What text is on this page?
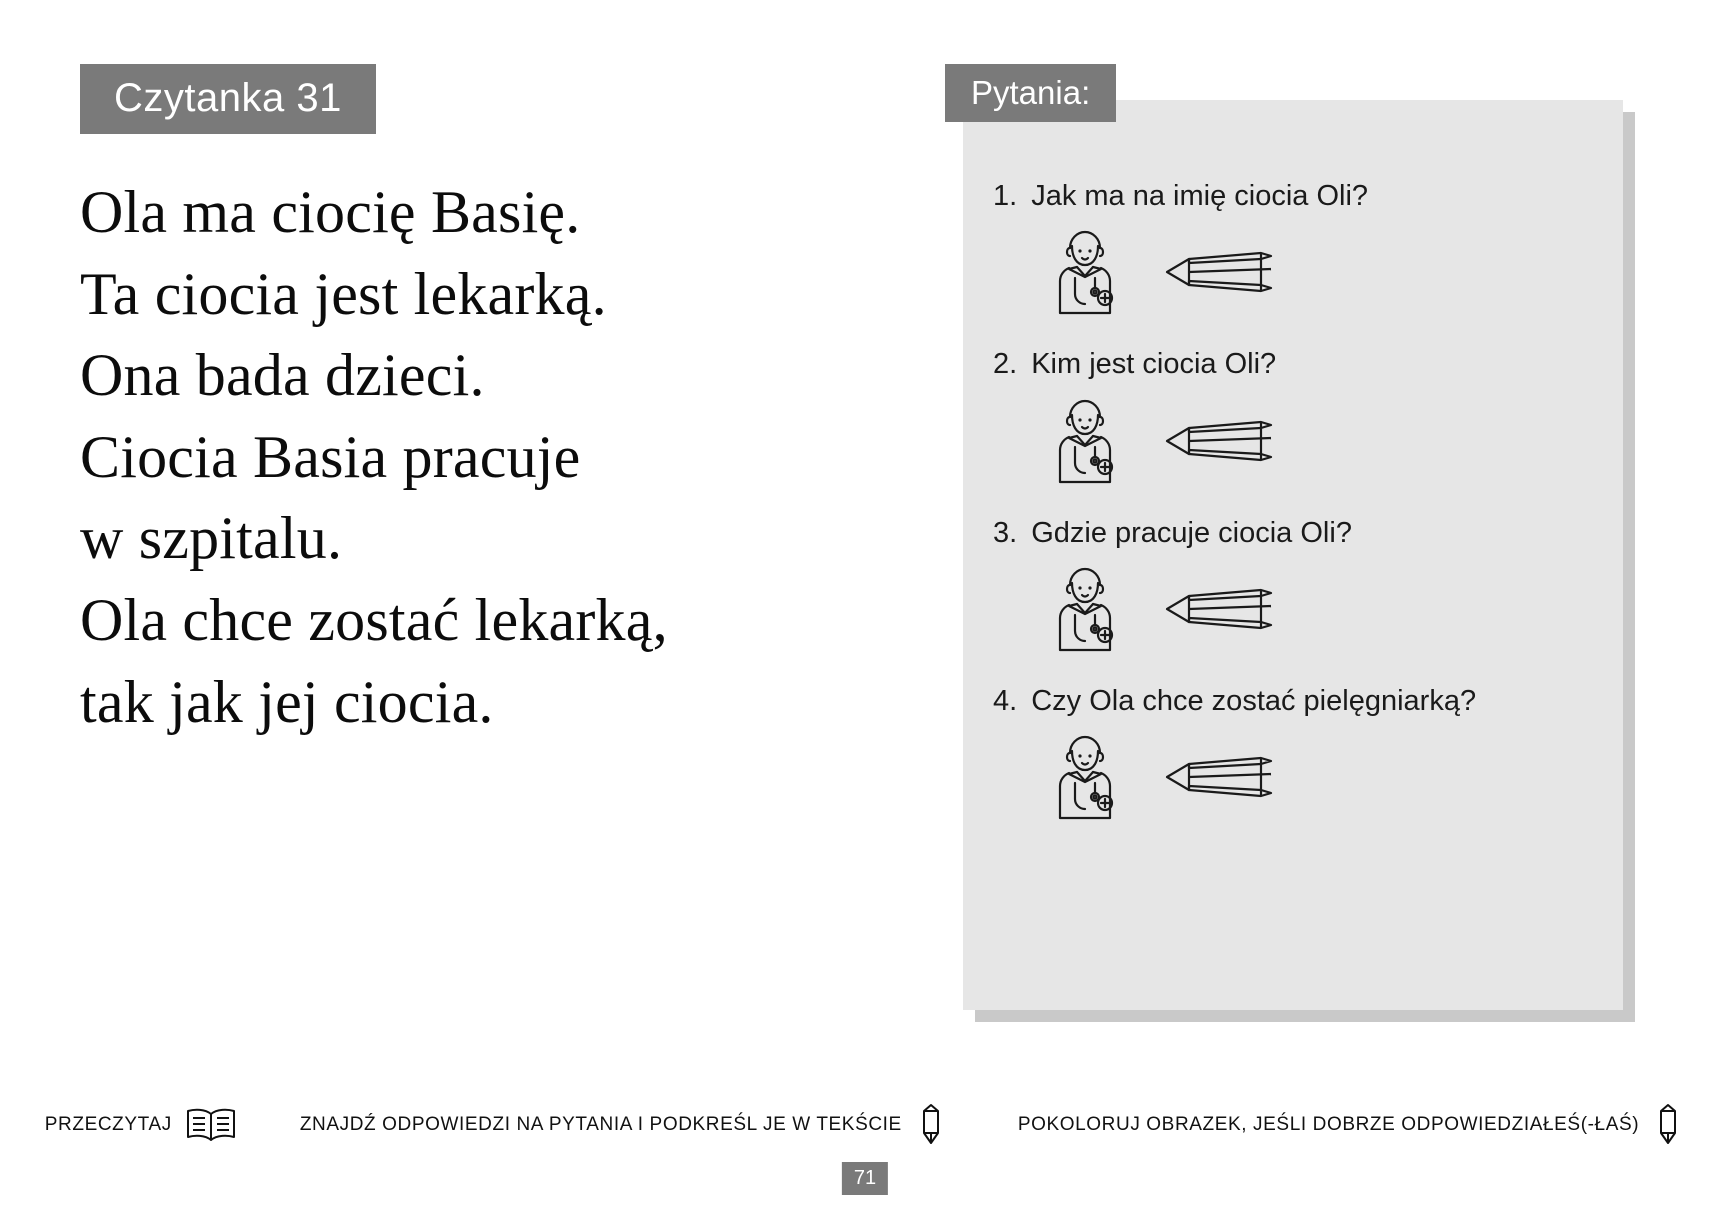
Czytanka 31
Ola ma ciocię Basię.
Ta ciocia jest lekarką.
Ona bada dzieci.
Ciocia Basia pracuje
w szpitalu.
Ola chce zostać lekarką,
tak jak jej ciocia.
Pytania:
1. Jak ma na imię ciocia Oli?
2. Kim jest ciocia Oli?
3. Gdzie pracuje ciocia Oli?
4. Czy Ola chce zostać pielęgniarką?
PRZECZYTAJ	ZNAJDŹ ODPOWIEDZI NA PYTANIA I PODKREŚL JE W TEKŚCIE	POKOLORUJ OBRAZEK, JEŚLI DOBRZE ODPOWIEDZIAŁEŚ(-ŁAŚ)
71
